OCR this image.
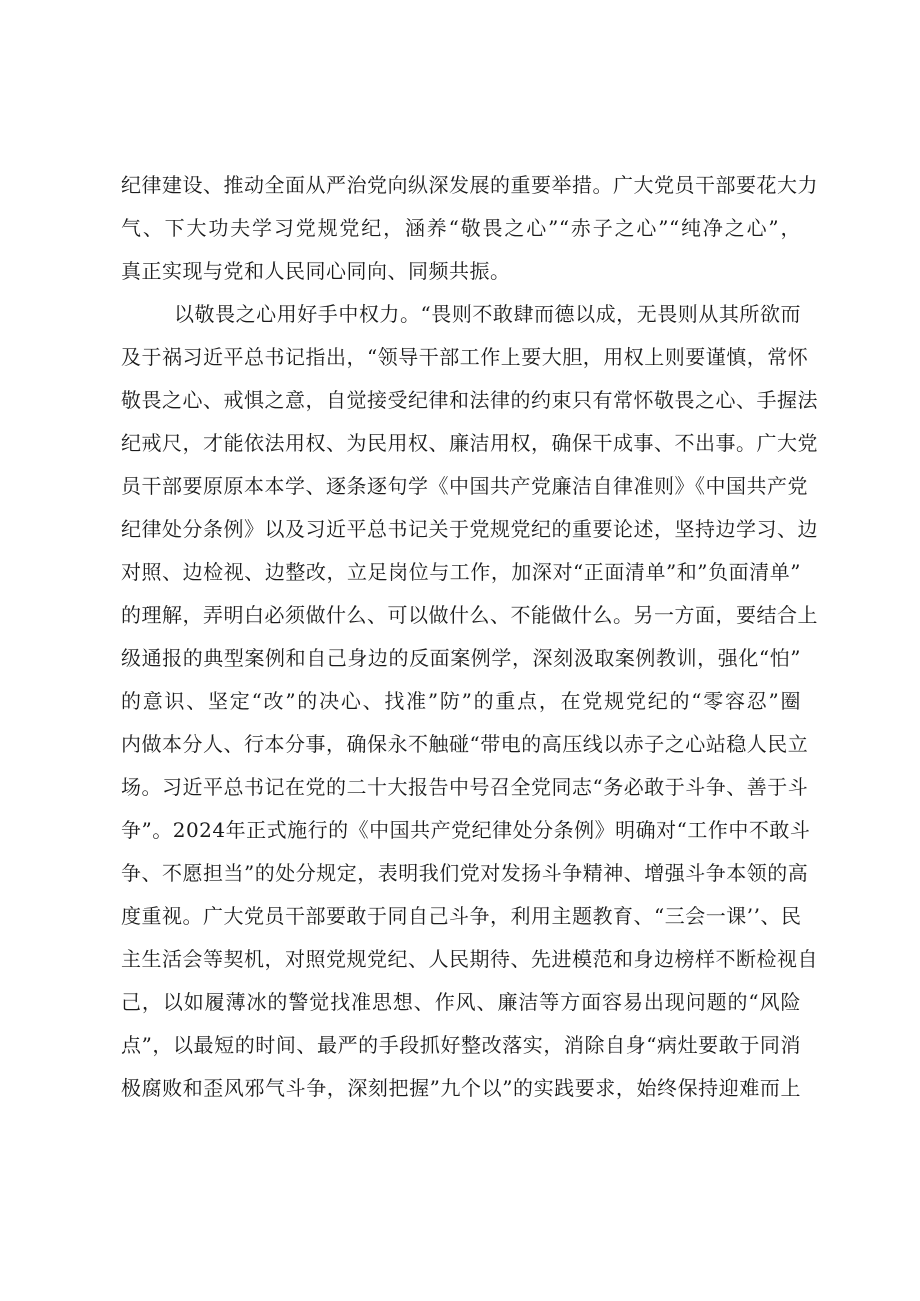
纪律建设、推动全面从严治党向纵深发展的重要举措。广大党员干部要花大力
气、下大功夫学习党规党纪，涵养“敬畏之心”“赤子之心”“纯净之心”，
真正实现与党和人民同心同向、同频共振。
以敬畏之心用好手中权力。“畏则不敢肆而德以成，无畏则从其所欲而
及于祸习近平总书记指出，“领导干部工作上要大胆，用权上则要谨慎，常怀
敬畏之心、戒惧之意，自觉接受纪律和法律的约束只有常怀敬畏之心、手握法
纪戒尺，才能依法用权、为民用权、廉洁用权，确保干成事、不出事。广大党
员干部要原原本本学、逐条逐句学《中国共产党廉洁自律准则》《中国共产党
纪律处分条例》以及习近平总书记关于党规党纪的重要论述，坚持边学习、边
对照、边检视、边整改，立足岗位与工作，加深对“正面清单”和”负面清单”
的理解，弄明白必须做什么、可以做什么、不能做什么。另一方面，要结合上
级通报的典型案例和自己身边的反面案例学，深刻汲取案例教训，强化“怕”
的意识、坚定“改”的决心、找准”防”的重点，在党规党纪的“零容忍”圈
内做本分人、行本分事，确保永不触碰“带电的高压线以赤子之心站稳人民立
场。习近平总书记在党的二十大报告中号召全党同志“务必敢于斗争、善于斗
争”。2024年正式施行的《中国共产党纪律处分条例》明确对“工作中不敢斗
争、不愿担当”的处分规定，表明我们党对发扬斗争精神、增强斗争本领的高
度重视。广大党员干部要敢于同自己斗争，利用主题教育、“三会一课’’、民
主生活会等契机，对照党规党纪、人民期待、先进模范和身边榜样不断检视自
己，以如履薄冰的警觉找准思想、作风、廉洁等方面容易出现问题的“风险
点”，以最短的时间、最严的手段抓好整改落实，消除自身“病灶要敢于同消
极腐败和歪风邪气斗争，深刻把握”九个以”的实践要求，始终保持迎难而上
